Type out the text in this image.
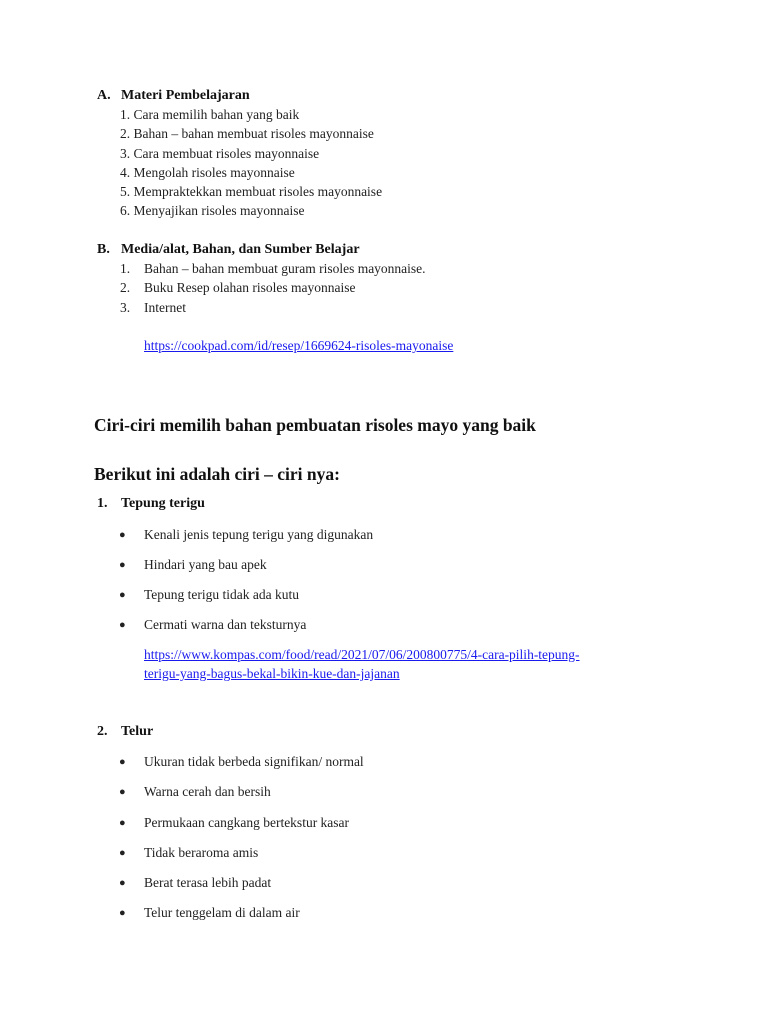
A. Materi Pembelajaran
1. Cara memilih bahan yang baik
2. Bahan – bahan membuat risoles mayonnaise
3. Cara membuat risoles mayonnaise
4. Mengolah risoles mayonnaise
5. Mempraktekkan membuat risoles mayonnaise
6. Menyajikan risoles mayonnaise
B. Media/alat, Bahan, dan Sumber Belajar
1. Bahan – bahan membuat guram risoles mayonnaise.
2. Buku Resep olahan risoles mayonnaise
3. Internet
https://cookpad.com/id/resep/1669624-risoles-mayonaise
Ciri-ciri memilih bahan pembuatan risoles mayo yang baik
Berikut ini adalah ciri – ciri nya:
1. Tepung terigu
● Kenali jenis tepung terigu yang digunakan
● Hindari yang bau apek
● Tepung terigu tidak ada kutu
● Cermati warna dan teksturnya
https://www.kompas.com/food/read/2021/07/06/200800775/4-cara-pilih-tepung-
terigu-yang-bagus-bekal-bikin-kue-dan-jajanan
2. Telur
● Ukuran tidak berbeda signifikan/ normal
● Warna cerah dan bersih
● Permukaan cangkang bertekstur kasar
● Tidak beraroma amis
● Berat terasa lebih padat
● Telur tenggelam di dalam air
